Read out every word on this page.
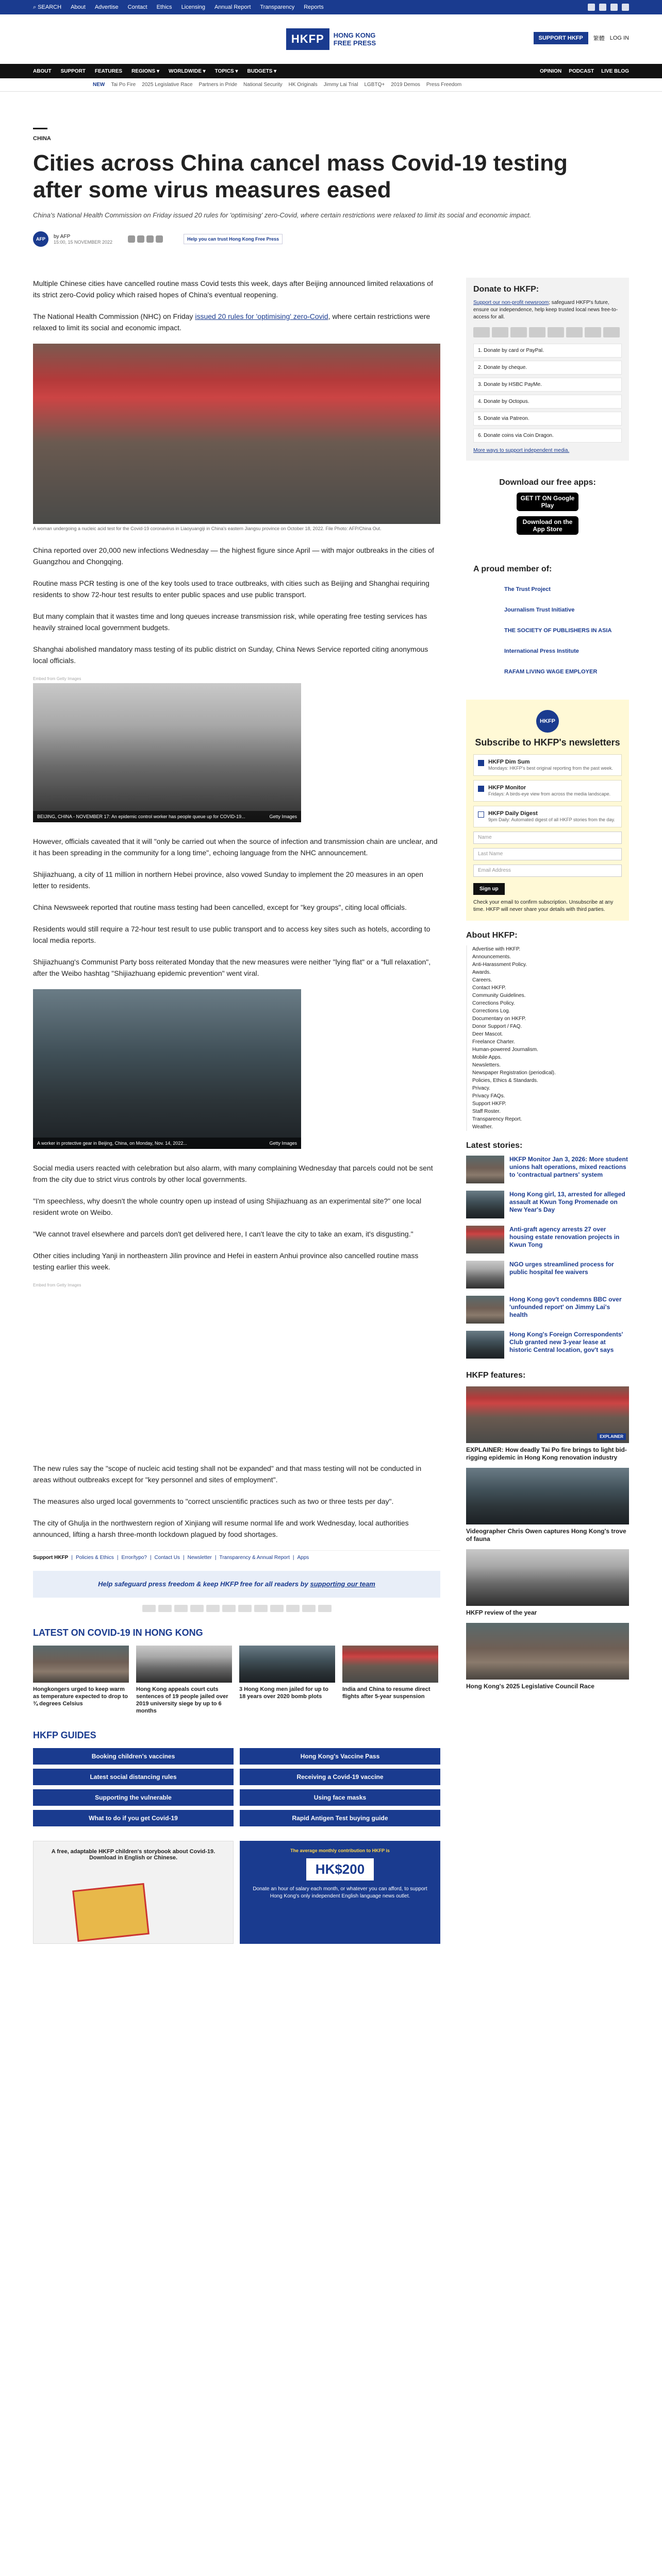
⌕ SEARCH About Advertise Contact Ethics Licensing Annual Report Transparency Reports
HKFP	HONG KONG
FREE PRESS
SUPPORT HKFP	繁體 LOG IN
ABOUT SUPPORT FEATURES REGIONS ▾ WORLDWIDE ▾ TOPICS ▾ BUDGETS ▾	OPINION PODCAST LIVE BLOG
NEW Tai Po Fire 2025 Legislative Race Partners in Pride National Security HK Originals Jimmy Lai Trial LGBTQ+ 2019 Demos Press Freedom
CHINA
Cities across China cancel mass Covid-19 testing after some virus measures eased
China's National Health Commission on Friday issued 20 rules for 'optimising' zero-Covid, where certain restrictions were relaxed to limit its social and economic impact.
AFP	by AFP
15:00, 15 NOVEMBER 2022
Help you can trust Hong Kong Free Press

Multiple Chinese cities have cancelled routine mass Covid tests this week, days after Beijing announced limited relaxations of its strict zero-Covid policy which raised hopes of China's eventual reopening.

The National Health Commission (NHC) on Friday issued 20 rules for 'optimising' zero-Covid, where certain restrictions were relaxed to limit its social and economic impact.

A woman undergoing a nucleic acid test for the Covid-19 coronavirus in Liaoyuangiji in China's eastern Jiangsu province on October 18, 2022. File Photo: AFP/China Out.

China reported over 20,000 new infections Wednesday — the highest figure since April — with major outbreaks in the cities of Guangzhou and Chongqing.

Routine mass PCR testing is one of the key tools used to trace outbreaks, with cities such as Beijing and Shanghai requiring residents to show 72-hour test results to enter public spaces and use public transport.

But many complain that it wastes time and long queues increase transmission risk, while operating free testing services has heavily strained local government budgets.

Shanghai abolished mandatory mass testing of its public district on Sunday, China News Service reported citing anonymous local officials.

Embed from Getty Images
BEIJING, CHINA - NOVEMBER 17: An epidemic control worker has people queue up for COVID-19...	Getty Images

However, officials caveated that it will "only be carried out when the source of infection and transmission chain are unclear, and it has been spreading in the community for a long time", echoing language from the NHC announcement.

Shijiazhuang, a city of 11 million in northern Hebei province, also vowed Sunday to implement the 20 measures in an open letter to residents.

China Newsweek reported that routine mass testing had been cancelled, except for "key groups", citing local officials.

Residents would still require a 72-hour test result to use public transport and to access key sites such as hotels, according to local media reports.

Shijiazhuang's Communist Party boss reiterated Monday that the new measures were neither "lying flat" or a "full relaxation", after the Weibo hashtag "Shijiazhuang epidemic prevention" went viral.

A worker in protective gear in Beijing, China, on Monday, Nov. 14, 2022...	Getty Images

Social media users reacted with celebration but also alarm, with many complaining Wednesday that parcels could not be sent from the city due to strict virus controls by other local governments.

"I'm speechless, why doesn't the whole country open up instead of using Shijiazhuang as an experimental site?" one local resident wrote on Weibo.

"We cannot travel elsewhere and parcels don't get delivered here, I can't leave the city to take an exam, it's disgusting."

Other cities including Yanji in northeastern Jilin province and Hefei in eastern Anhui province also cancelled routine mass testing earlier this week.

Embed from Getty Images

The new rules say the "scope of nucleic acid testing shall not be expanded" and that mass testing will not be conducted in areas without outbreaks except for "key personnel and sites of employment".

The measures also urged local governments to "correct unscientific practices such as two or three tests per day".

The city of Ghulja in the northwestern region of Xinjiang will resume normal life and work Wednesday, local authorities announced, lifting a harsh three-month lockdown plagued by food shortages.

Support HKFP | Policies & Ethics | Error/typo? | Contact Us | Newsletter | Transparency & Annual Report | Apps
Help safeguard press freedom & keep HKFP free for all readers by supporting our team
LATEST ON COVID-19 IN HONG KONG
Hongkongers urged to keep warm as temperature expected to drop to ¾ degrees Celsius
Hong Kong appeals court cuts sentences of 19 people jailed over 2019 university siege by up to 6 months
3 Hong Kong men jailed for up to 18 years over 2020 bomb plots
India and China to resume direct flights after 5-year suspension
HKFP GUIDES
Booking children's vaccines	Hong Kong's Vaccine Pass
Latest social distancing rules	Receiving a Covid-19 vaccine
Supporting the vulnerable	Using face masks
What to do if you get Covid-19	Rapid Antigen Test buying guide
A free, adaptable HKFP children's storybook about Covid-19. Download in English or Chinese.
The average monthly contribution to HKFP is
HK$200
Donate an hour of salary each month, or whatever you can afford, to support Hong Kong's only independent English language news outlet.
Donate to HKFP:
Support our non-profit newsroom; safeguard HKFP's future, ensure our independence, help keep trusted local news free-to-access for all.
1. Donate by card or PayPal.
2. Donate by cheque.
3. Donate by HSBC PayMe.
4. Donate by Octopus.
5. Donate via Patreon.
6. Donate coins via Coin Dragon.
More ways to support independent media.
Download our free apps:
GET IT ON Google Play
Download on the App Store
A proud member of:
The Trust Project
Journalism Trust Initiative
THE SOCIETY OF PUBLISHERS IN ASIA
International Press Institute
RAFAM LIVING WAGE EMPLOYER
HKFP
Subscribe to HKFP's newsletters
HKFP Dim Sum
Mondays: HKFP's best original reporting from the past week.
HKFP Monitor
Fridays: A birds-eye view from across the media landscape.
HKFP Daily Digest
9pm Daily: Automated digest of all HKFP stories from the day.
Name
Last Name
Email Address
Sign up
Check your email to confirm subscription. Unsubscribe at any time. HKFP will never share your details with third parties.
About HKFP:
Advertise with HKFP.
Announcements.
Anti-Harassment Policy.
Awards.
Careers.
Contact HKFP.
Community Guidelines.
Corrections Policy.
Corrections Log.
Documentary on HKFP.
Donor Support / FAQ.
Deer Mascot.
Freelance Charter.
Human-powered Journalism.
Mobile Apps.
Newsletters.
Newspaper Registration (periodical).
Policies, Ethics & Standards.
Privacy.
Privacy FAQs.
Support HKFP.
Staff Roster.
Transparency Report.
Weather.
Latest stories:
HKFP Monitor Jan 3, 2026: More student unions halt operations, mixed reactions to 'contractual partners' system
Hong Kong girl, 13, arrested for alleged assault at Kwun Tong Promenade on New Year's Day
Anti-graft agency arrests 27 over housing estate renovation projects in Kwun Tong
NGO urges streamlined process for public hospital fee waivers
Hong Kong gov't condemns BBC over 'unfounded report' on Jimmy Lai's health
Hong Kong's Foreign Correspondents' Club granted new 3-year lease at historic Central location, gov't says
HKFP features:
EXPLAINER
EXPLAINER: How deadly Tai Po fire brings to light bid-rigging epidemic in Hong Kong renovation industry
Videographer Chris Owen captures Hong Kong's trove of fauna
HKFP review of the year
Hong Kong's 2025 Legislative Council Race
